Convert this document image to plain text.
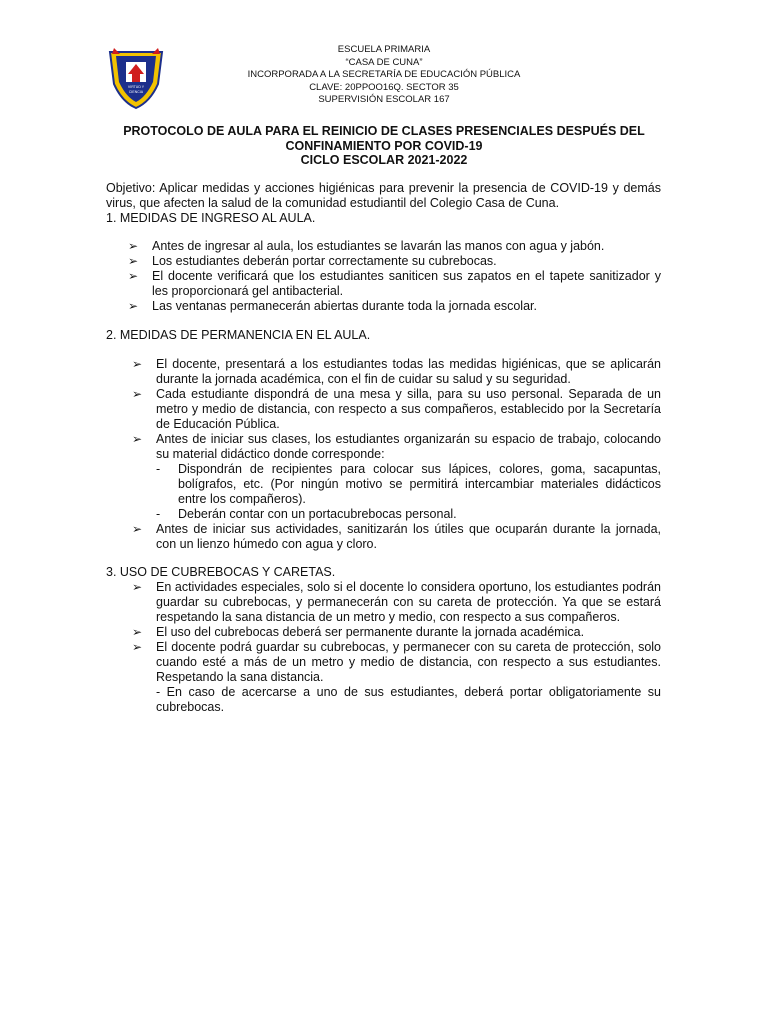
VIRTUD Y
CIENCIA
ESCUELA PRIMARIA
“CASA DE CUNA”
INCORPORADA A LA SECRETARÍA DE EDUCACIÓN PÚBLICA
CLAVE: 20PPOO16Q. SECTOR 35
SUPERVISIÓN ESCOLAR 167
PROTOCOLO DE AULA PARA EL REINICIO DE CLASES PRESENCIALES DESPUÉS DEL
CONFINAMIENTO POR COVID-19
CICLO ESCOLAR 2021-2022

Objetivo: Aplicar medidas y acciones higiénicas para prevenir la presencia de COVID-19 y demás virus, que afecten la salud de la comunidad estudiantil del Colegio Casa de Cuna.

1. MEDIDAS DE INGRESO AL AULA.

➢ Antes de ingresar al aula, los estudiantes se lavarán las manos con agua y jabón.
➢ Los estudiantes deberán portar correctamente su cubrebocas.
➢ El docente verificará que los estudiantes saniticen sus zapatos en el tapete sanitizador y les proporcionará gel antibacterial.
➢ Las ventanas permanecerán abiertas durante toda la jornada escolar.

2. MEDIDAS DE PERMANENCIA EN EL AULA.

➢ El docente, presentará a los estudiantes todas las medidas higiénicas, que se aplicarán durante la jornada académica, con el fin de cuidar su salud y su seguridad.
➢ Cada estudiante dispondrá de una mesa y silla, para su uso personal. Separada de un metro y medio de distancia, con respecto a sus compañeros, establecido por la Secretaría de Educación Pública.
➢ Antes de iniciar sus clases, los estudiantes organizarán su espacio de trabajo, colocando su material didáctico donde corresponde:
- Dispondrán de recipientes para colocar sus lápices, colores, goma, sacapuntas, bolígrafos, etc. (Por ningún motivo se permitirá intercambiar materiales didácticos entre los compañeros).
- Deberán contar con un portacubrebocas personal.
➢ Antes de iniciar sus actividades, sanitizarán los útiles que ocuparán durante la jornada, con un lienzo húmedo con agua y cloro.

3. USO DE CUBREBOCAS Y CARETAS.

➢ En actividades especiales, solo si el docente lo considera oportuno, los estudiantes podrán guardar su cubrebocas, y permanecerán con su careta de protección. Ya que se estará respetando la sana distancia de un metro y medio, con respecto a sus compañeros.
➢ El uso del cubrebocas deberá ser permanente durante la jornada académica.
➢ El docente podrá guardar su cubrebocas, y permanecer con su careta de protección, solo cuando esté a más de un metro y medio de distancia, con respecto a sus estudiantes. Respetando la sana distancia.
- En caso de acercarse a uno de sus estudiantes, deberá portar obligatoriamente su cubrebocas.
